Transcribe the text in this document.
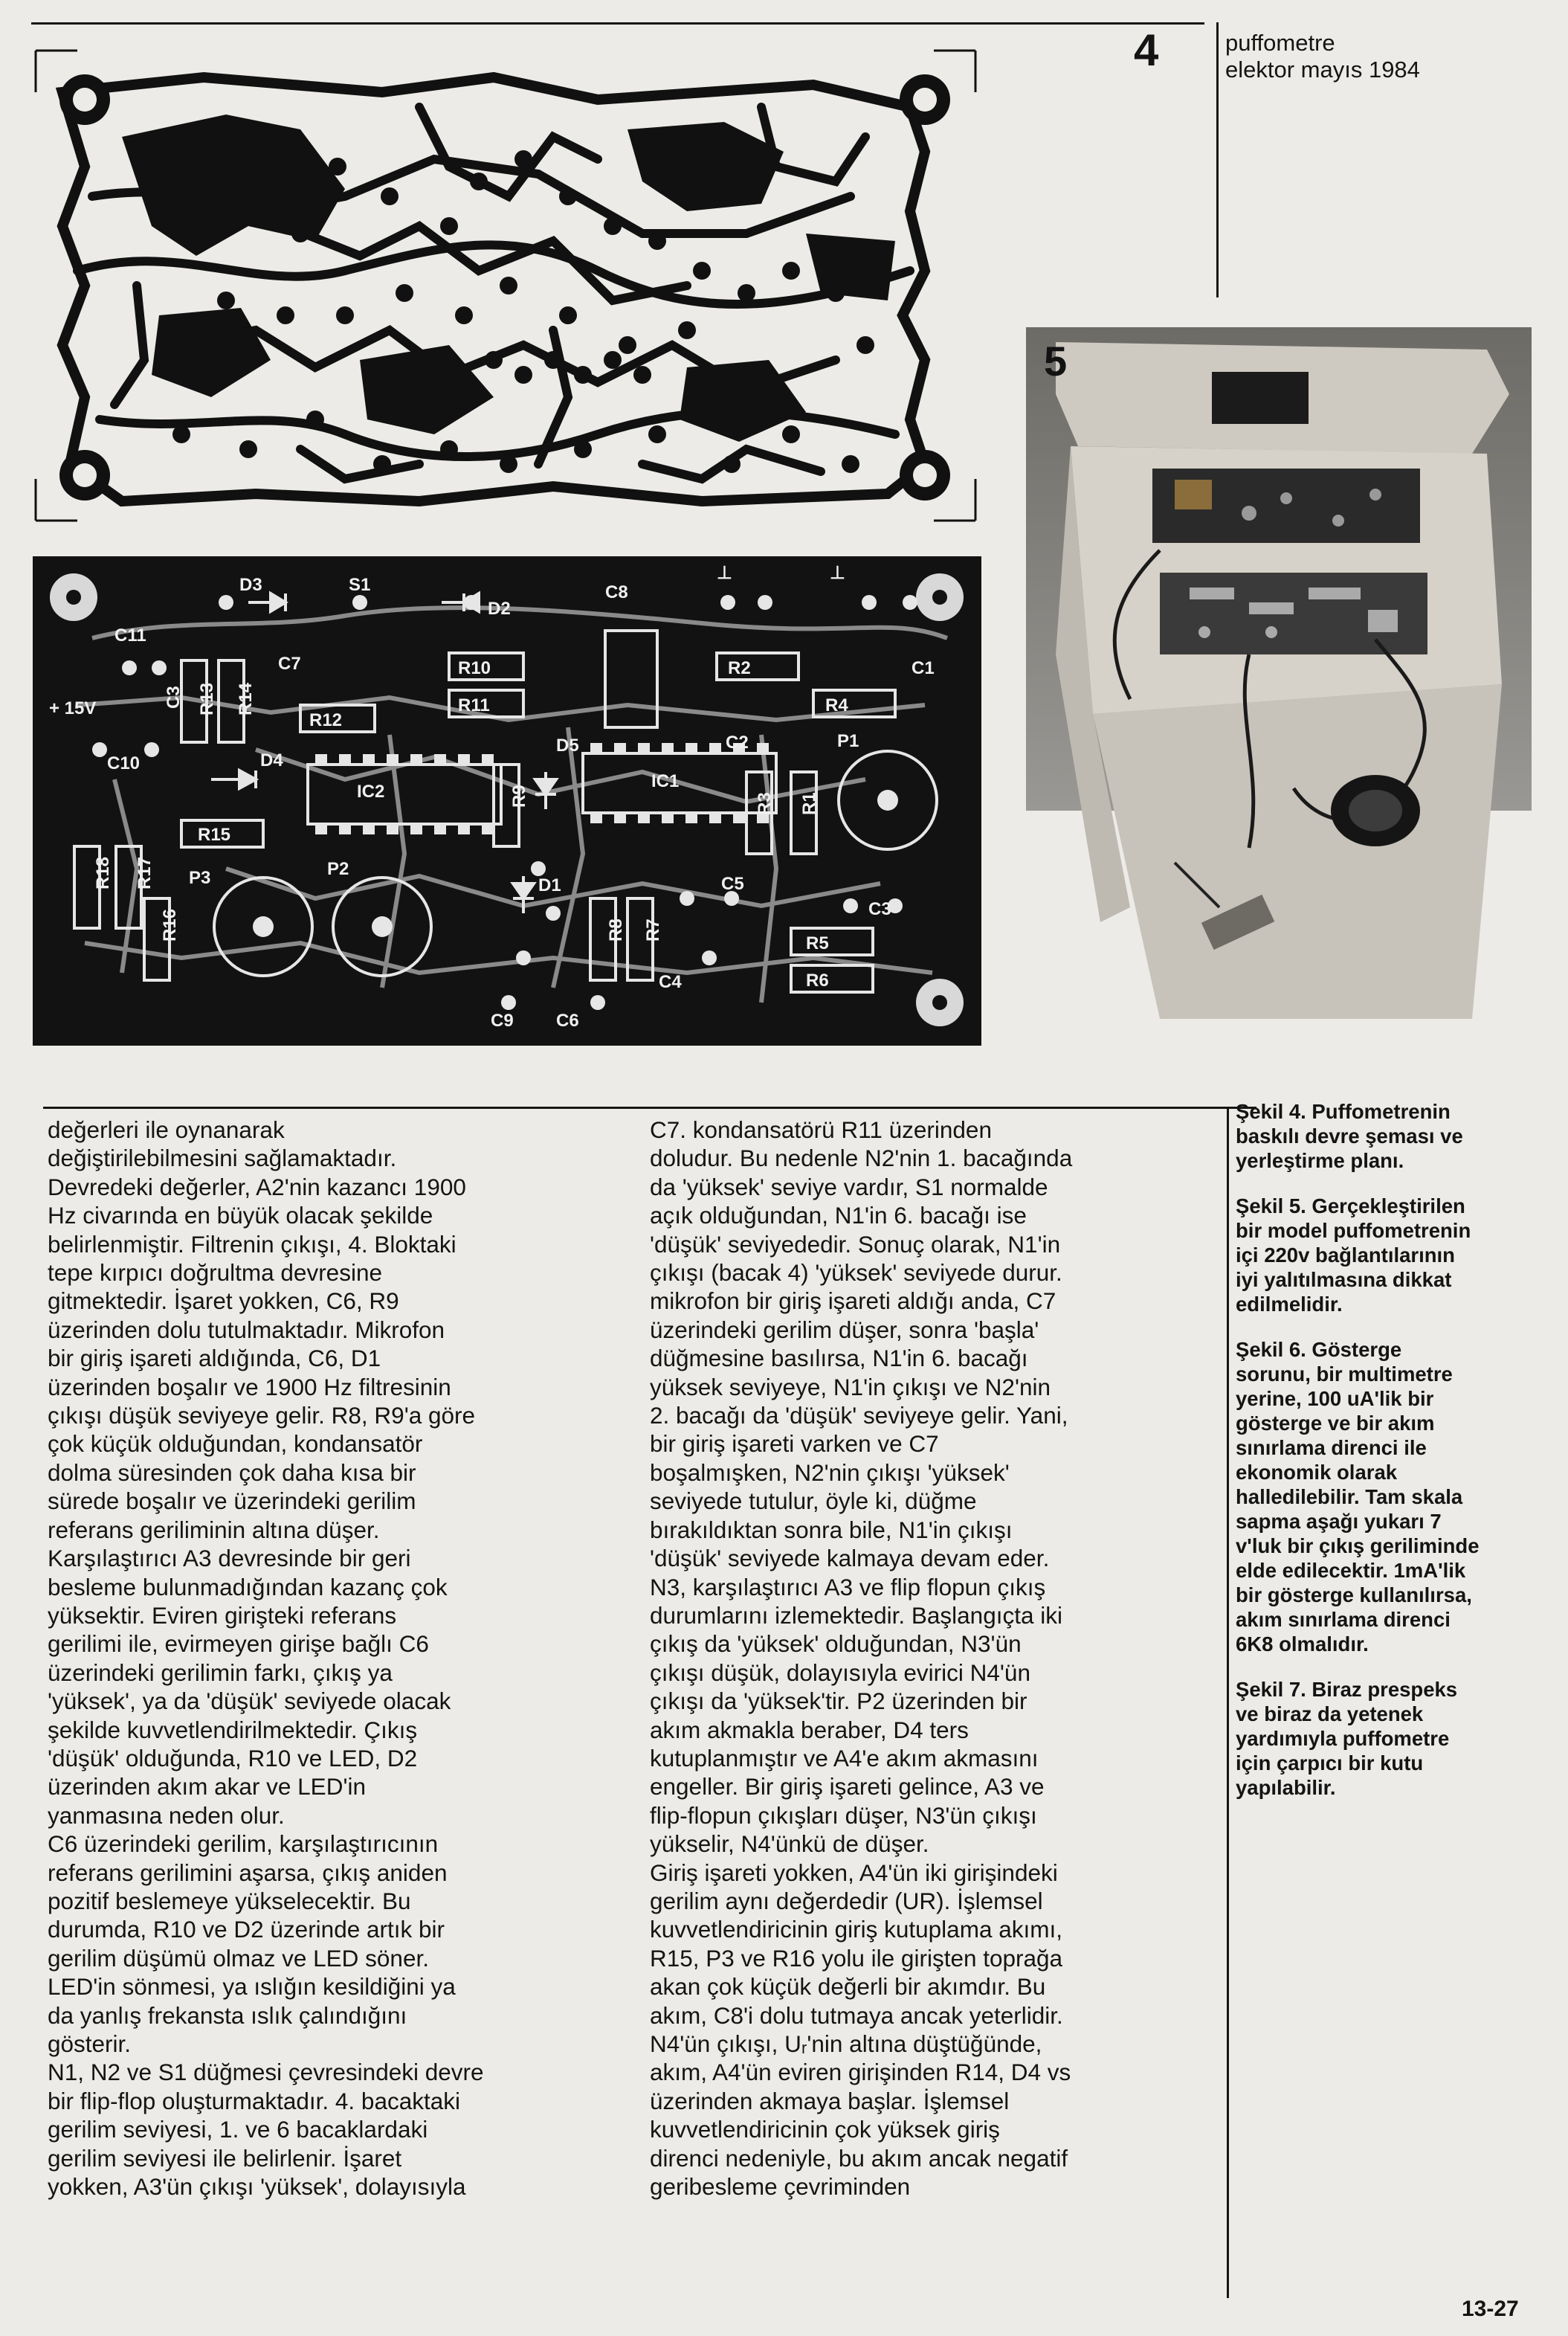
4	puffometre
elektor mayıs 1984
D3	S1
D2
C8
⊥	⊥
C11
C7	R10
R11
R12
R2	C1
R4
P1
+ 15V	R13 R14
C3
C10	D4
IC2
IC1
C2
D5
R15
P3	P2
D1	C5
C3
R5
R6
C4
C9 C6
R18 R17
R16
R9	R3 R1
R8 R7
5

değerleri ile oynanarak

değiştirilebilmesini sağlamaktadır.

Devredeki değerler, A2'nin kazancı 1900

Hz civarında en büyük olacak şekilde

belirlenmiştir. Filtrenin çıkışı, 4. Bloktaki

tepe kırpıcı doğrultma devresine

gitmektedir. İşaret yokken, C6, R9

üzerinden dolu tutulmaktadır. Mikrofon

bir giriş işareti aldığında, C6, D1

üzerinden boşalır ve 1900 Hz filtresinin

çıkışı düşük seviyeye gelir. R8, R9'a göre

çok küçük olduğundan, kondansatör

dolma süresinden çok daha kısa bir

sürede boşalır ve üzerindeki gerilim

referans geriliminin altına düşer.

Karşılaştırıcı A3 devresinde bir geri

besleme bulunmadığından kazanç çok

yüksektir. Eviren girişteki referans

gerilimi ile, evirmeyen girişe bağlı C6

üzerindeki gerilimin farkı, çıkış ya

'yüksek', ya da 'düşük' seviyede olacak

şekilde kuvvetlendirilmektedir. Çıkış

'düşük' olduğunda, R10 ve LED, D2

üzerinden akım akar ve LED'in

yanmasına neden olur.

C6 üzerindeki gerilim, karşılaştırıcının

referans gerilimini aşarsa, çıkış aniden

pozitif beslemeye yükselecektir. Bu

durumda, R10 ve D2 üzerinde artık bir

gerilim düşümü olmaz ve LED söner.

LED'in sönmesi, ya ıslığın kesildiğini ya

da yanlış frekansta ıslık çalındığını

gösterir.

N1, N2 ve S1 düğmesi çevresindeki devre

bir flip-flop oluşturmaktadır. 4. bacaktaki

gerilim seviyesi, 1. ve 6 bacaklardaki

gerilim seviyesi ile belirlenir. İşaret

yokken, A3'ün çıkışı 'yüksek', dolayısıyla

C7. kondansatörü R11 üzerinden

doludur. Bu nedenle N2'nin 1. bacağında

da 'yüksek' seviye vardır, S1 normalde

açık olduğundan, N1'in 6. bacağı ise

'düşük' seviyededir. Sonuç olarak, N1'in

çıkışı (bacak 4) 'yüksek' seviyede durur.

mikrofon bir giriş işareti aldığı anda, C7

üzerindeki gerilim düşer, sonra 'başla'

düğmesine basılırsa, N1'in 6. bacağı

yüksek seviyeye, N1'in çıkışı ve N2'nin

2. bacağı da 'düşük' seviyeye gelir. Yani,

bir giriş işareti varken ve C7

boşalmışken, N2'nin çıkışı 'yüksek'

seviyede tutulur, öyle ki, düğme

bırakıldıktan sonra bile, N1'in çıkışı

'düşük' seviyede kalmaya devam eder.

N3, karşılaştırıcı A3 ve flip flopun çıkış

durumlarını izlemektedir. Başlangıçta iki

çıkış da 'yüksek' olduğundan, N3'ün

çıkışı düşük, dolayısıyla evirici N4'ün

çıkışı da 'yüksek'tir. P2 üzerinden bir

akım akmakla beraber, D4 ters

kutuplanmıştır ve A4'e akım akmasını

engeller. Bir giriş işareti gelince, A3 ve

flip-flopun çıkışları düşer, N3'ün çıkışı

yükselir, N4'ünkü de düşer.

Giriş işareti yokken, A4'ün iki girişindeki

gerilim aynı değerdedir (UR). İşlemsel

kuvvetlendiricinin giriş kutuplama akımı,

R15, P3 ve R16 yolu ile girişten toprağa

akan çok küçük değerli bir akımdır. Bu

akım, C8'i dolu tutmaya ancak yeterlidir.

N4'ün çıkışı, Uᵣ'nin altına düştüğünde,

akım, A4'ün eviren girişinden R14, D4 vs

üzerinden akmaya başlar. İşlemsel

kuvvetlendiricinin çok yüksek giriş

direnci nedeniyle, bu akım ancak negatif

geribesleme çevriminden

Şekil 4. Puffometrenin baskılı devre şeması ve yerleştirme planı.

Şekil 5. Gerçekleştirilen bir model puffometrenin içi 220v bağlantılarının iyi yalıtılmasına dikkat edilmelidir.

Şekil 6. Gösterge sorunu, bir multimetre yerine, 100 uA'lik bir gösterge ve bir akım sınırlama direnci ile ekonomik olarak halledilebilir. Tam skala sapma aşağı yukarı 7 v'luk bir çıkış geriliminde elde edilecektir. 1mA'lik bir gösterge kullanılırsa, akım sınırlama direnci 6K8 olmalıdır.

Şekil 7. Biraz prespeks ve biraz da yetenek yardımıyla puffometre için çarpıcı bir kutu yapılabilir.

13-27
